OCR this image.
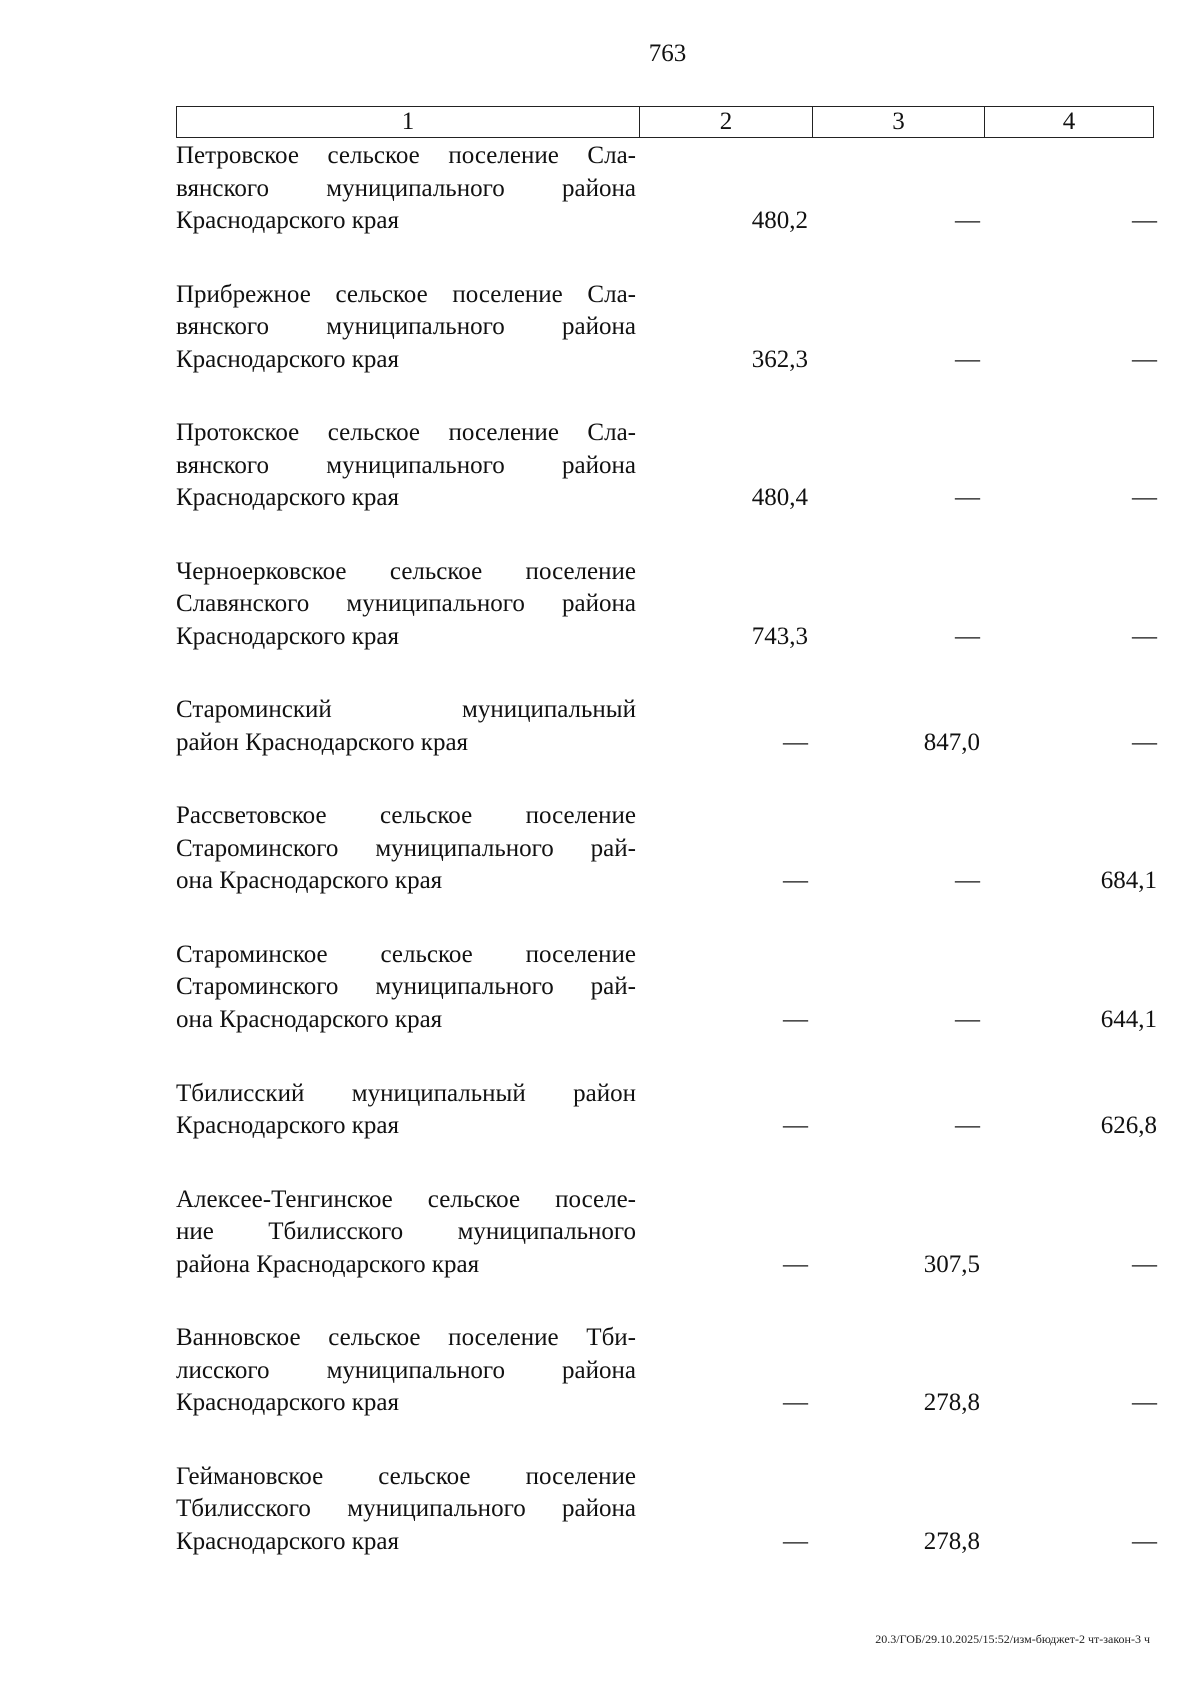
763
1	2	3	4
Петровское сельское поселение Сла-
вянского муниципального района
Краснодарского края	480,2	—	—
Прибрежное сельское поселение Сла-
вянского муниципального района
Краснодарского края	362,3	—	—
Протокское сельское поселение Сла-
вянского муниципального района
Краснодарского края	480,4	—	—
Черноерковское сельское поселение
Славянского муниципального района
Краснодарского края	743,3	—	—
Староминский муниципальный
район Краснодарского края	—	847,0	—
Рассветовское сельское поселение
Староминского муниципального рай-
она Краснодарского края	—	—	684,1
Староминское сельское поселение
Староминского муниципального рай-
она Краснодарского края	—	—	644,1
Тбилисский муниципальный район
Краснодарского края	—	—	626,8
Алексее-Тенгинское сельское поселе-
ние Тбилисского муниципального
района Краснодарского края	—	307,5	—
Ванновское сельское поселение Тби-
лисского муниципального района
Краснодарского края	—	278,8	—
Геймановское сельское поселение
Тбилисского муниципального района
Краснодарского края	—	278,8	—
20.3/ГОБ/29.10.2025/15:52/изм-бюджет-2 чт-закон-3 ч
